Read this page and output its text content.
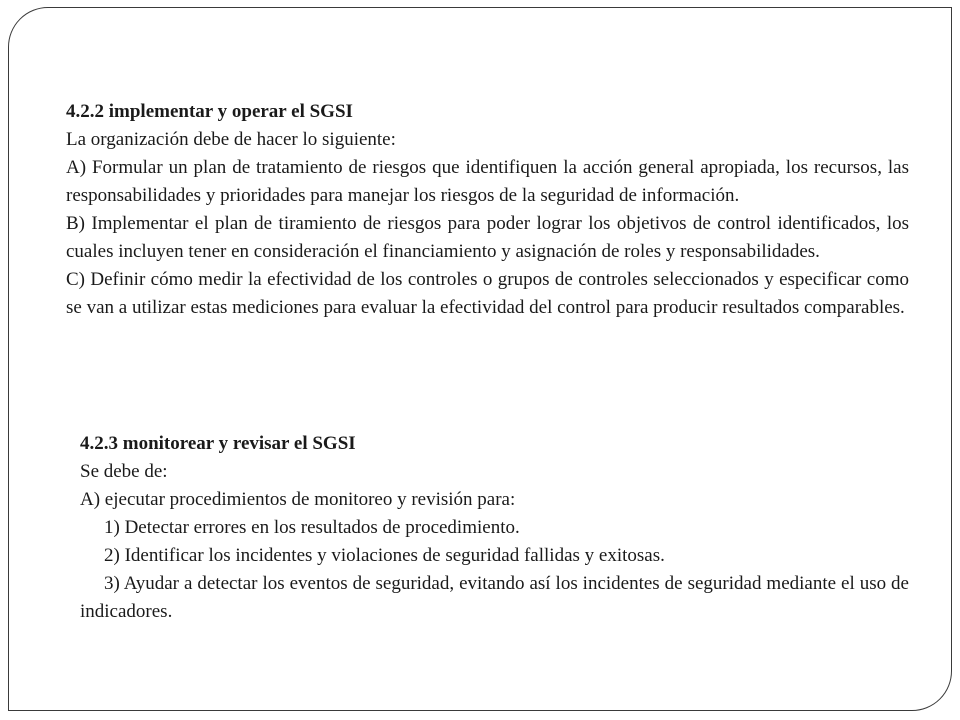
4.2.2 implementar y operar el SGSI
La organización debe de hacer lo siguiente:
A) Formular un plan de tratamiento de riesgos que identifiquen la acción general apropiada, los recursos, las responsabilidades y prioridades para manejar los riesgos de la seguridad de información.
B) Implementar el plan de tiramiento de riesgos para poder lograr los objetivos de control identificados, los cuales incluyen tener en consideración el financiamiento y asignación de roles y responsabilidades.
C) Definir cómo medir la efectividad de los controles o grupos de controles seleccionados y especificar como se van a utilizar estas mediciones para evaluar la efectividad del control para producir resultados comparables.
4.2.3 monitorear y revisar el SGSI
Se debe de:
A) ejecutar procedimientos de monitoreo y revisión para:
1) Detectar errores en los resultados de procedimiento.
2) Identificar los incidentes y violaciones de seguridad fallidas y exitosas.
3) Ayudar a detectar los eventos de seguridad, evitando así los incidentes de seguridad mediante el uso de indicadores.
